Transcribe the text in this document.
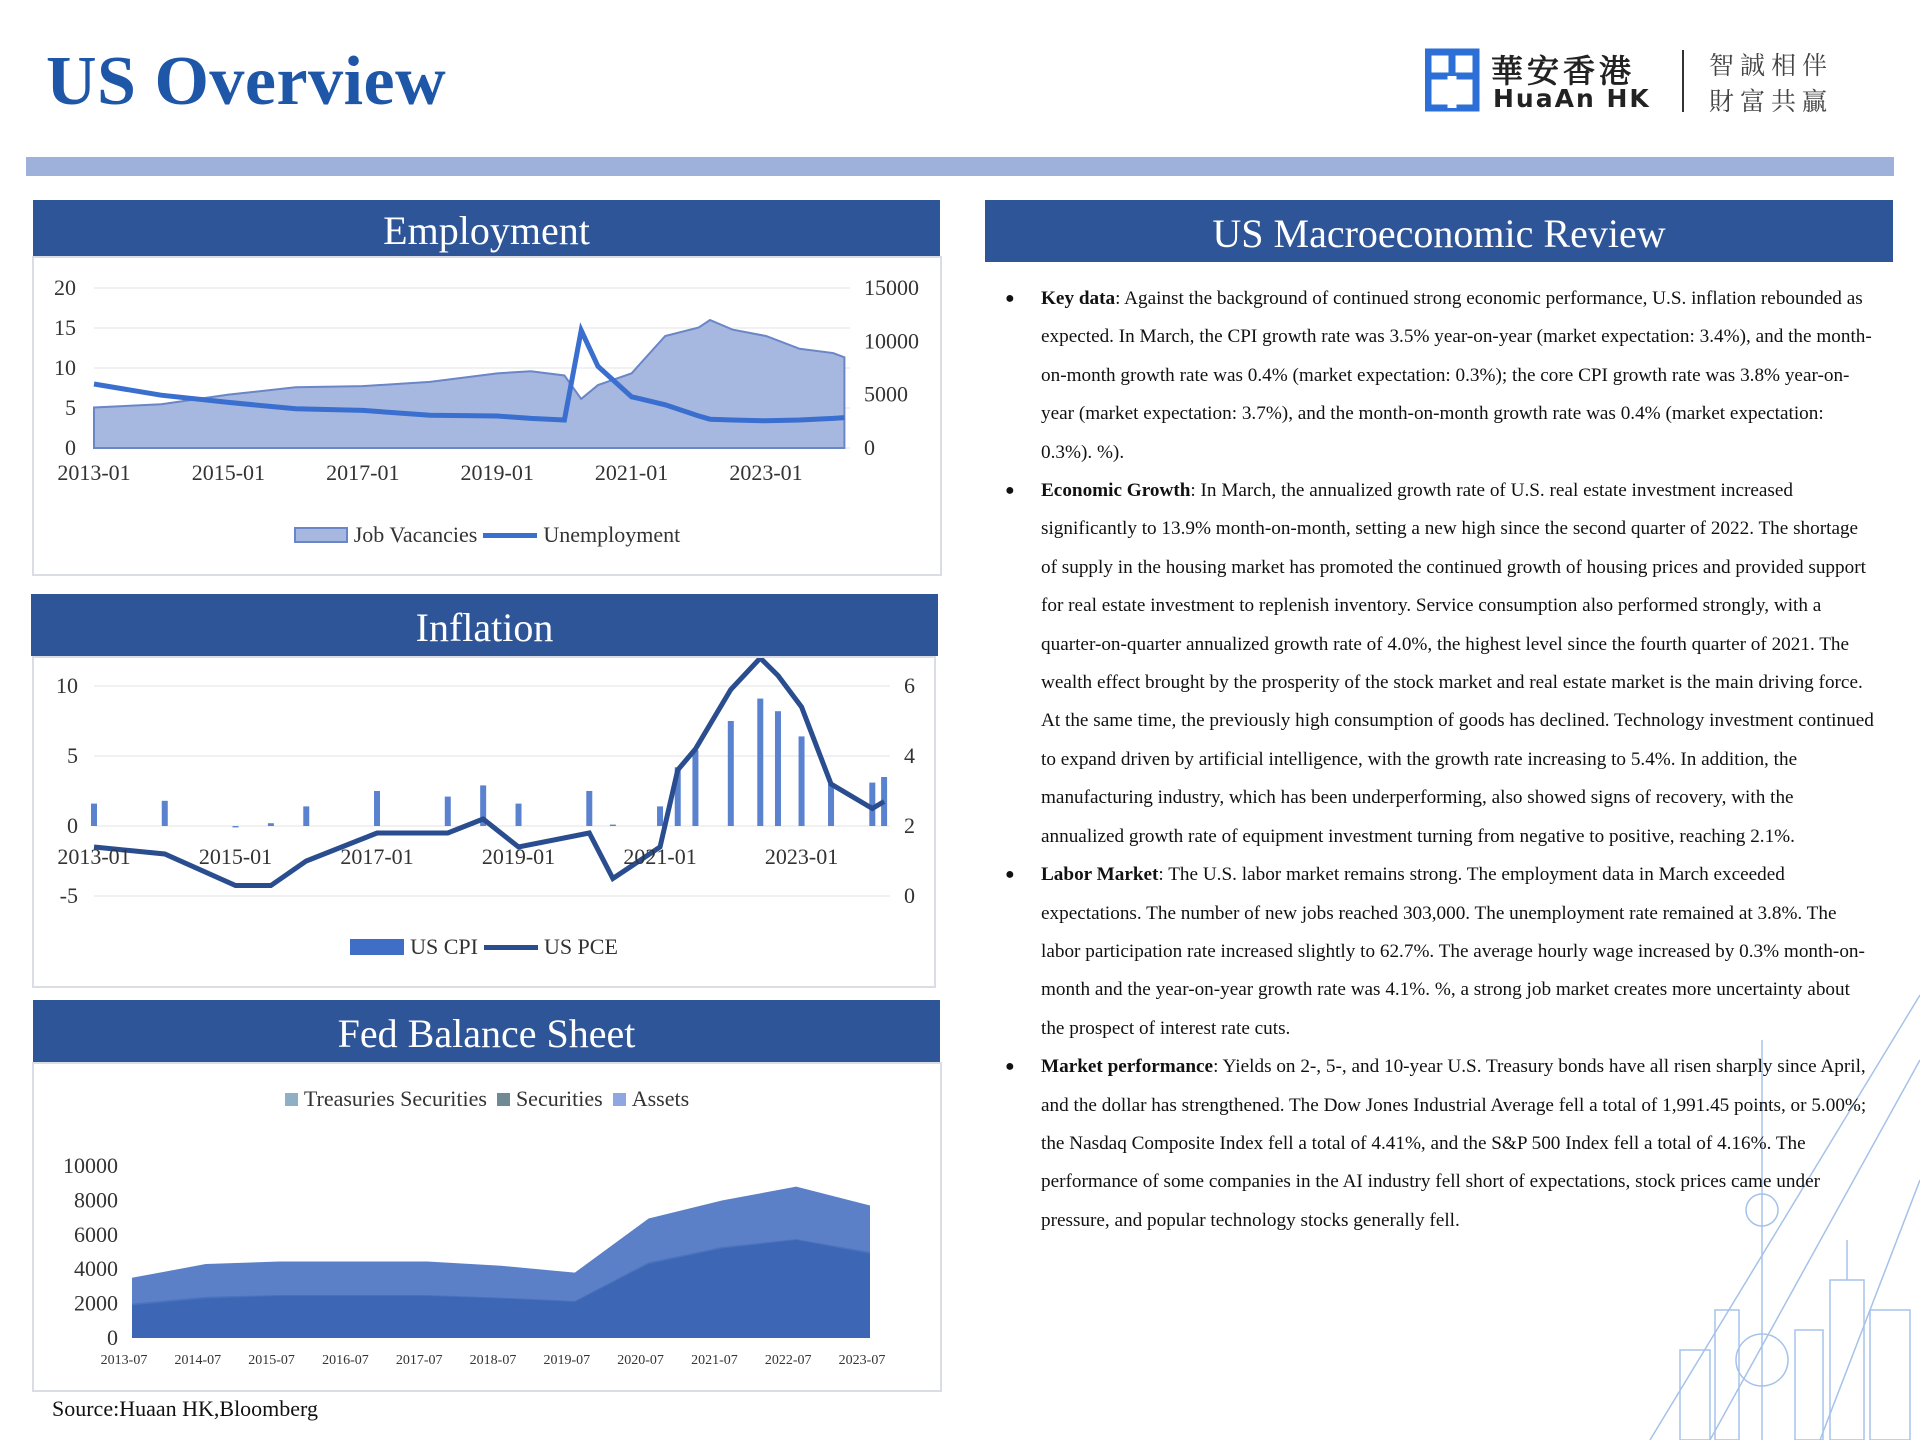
US Overview	華安香港
HuaAn HK
智誠相伴
財富共贏
Employment
0
5
10
15
20
0
5000
10000
15000
2013-01	2015-01	2017-01	2019-01	2021-01	2023-01
Job Vacancies	Unemployment
Inflation
-5
0
5
10
0
2
4
6
2013-01	2015-01	2017-01	2019-01	2021-01	2023-01
US CPI	US PCE
Fed Balance Sheet
Treasuries Securities	Securities	Assets
0
2000
4000
6000
8000
10000
2013-07 2014-07 2015-07 2016-07 2017-07 2018-07 2019-07 2020-07 2021-07 2022-07 2023-07
US Macroeconomic Review
● Key data: Against the background of continued strong economic performance, U.S. inflation rebounded as expected. In March, the CPI growth rate was 3.5% year-on-year (market expectation: 3.4%), and the month-on-month growth rate was 0.4% (market expectation: 0.3%); the core CPI growth rate was 3.8% year-on-year (market expectation: 3.7%), and the month-on-month growth rate was 0.4% (market expectation: 0.3%). %).
● Economic Growth: In March, the annualized growth rate of U.S. real estate investment increased significantly to 13.9% month-on-month, setting a new high since the second quarter of 2022. The shortage of supply in the housing market has promoted the continued growth of housing prices and provided support for real estate investment to replenish inventory. Service consumption also performed strongly, with a quarter-on-quarter annualized growth rate of 4.0%, the highest level since the fourth quarter of 2021. The wealth effect brought by the prosperity of the stock market and real estate market is the main driving force. At the same time, the previously high consumption of goods has declined. Technology investment continued to expand driven by artificial intelligence, with the growth rate increasing to 5.4%. In addition, the manufacturing industry, which has been underperforming, also showed signs of recovery, with the annualized growth rate of equipment investment turning from negative to positive, reaching 2.1%.
● Labor Market: The U.S. labor market remains strong. The employment data in March exceeded expectations. The number of new jobs reached 303,000. The unemployment rate remained at 3.8%. The labor participation rate increased slightly to 62.7%. The average hourly wage increased by 0.3% month-on-month and the year-on-year growth rate was 4.1%. %, a strong job market creates more uncertainty about the prospect of interest rate cuts.
● Market performance: Yields on 2-, 5-, and 10-year U.S. Treasury bonds have all risen sharply since April, and the dollar has strengthened. The Dow Jones Industrial Average fell a total of 1,991.45 points, or 5.00%; the Nasdaq Composite Index fell a total of 4.41%, and the S&P 500 Index fell a total of 4.16%. The performance of some companies in the AI industry fell short of expectations, stock prices came under pressure, and popular technology stocks generally fell.
Source:Huaan HK,Bloomberg
